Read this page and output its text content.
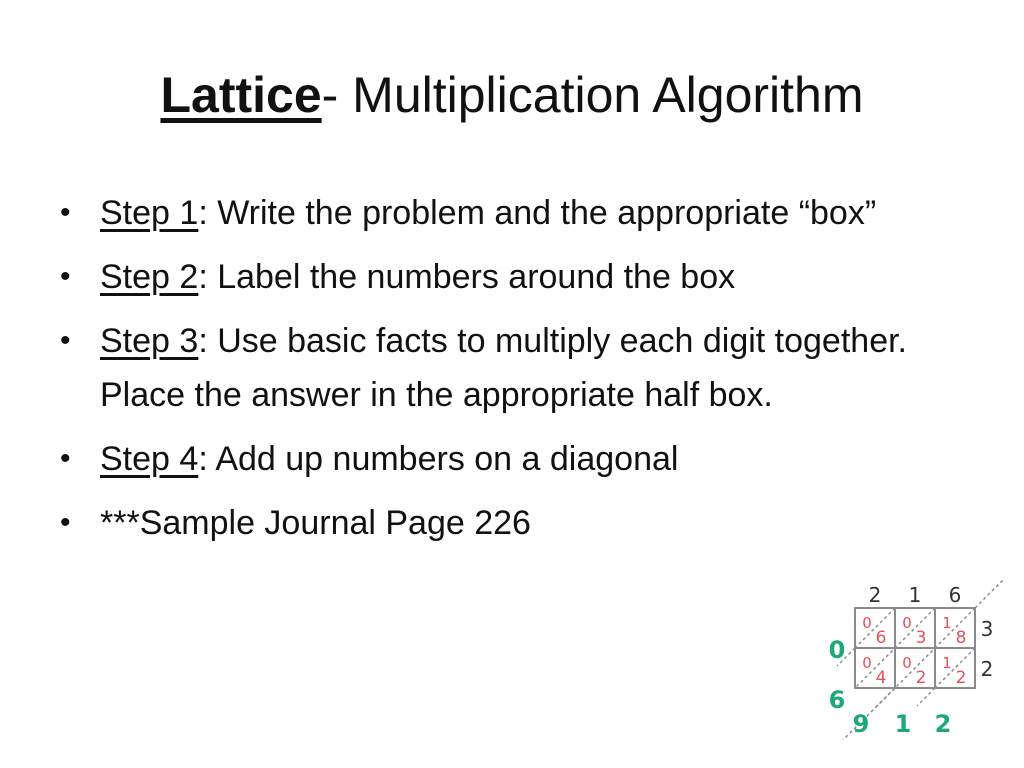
Lattice- Multiplication Algorithm
• Step 1: Write the problem and the appropriate “box”
• Step 2: Label the numbers around the box
• Step 3: Use basic facts to multiply each digit together. Place the answer in the appropriate half box.
• Step 4: Add up numbers on a diagonal
• ***Sample Journal Page 226
2 1 6
3
2
0
6
0
3
1
8
0
4
0
2
1
2
0
6
9 1 2
